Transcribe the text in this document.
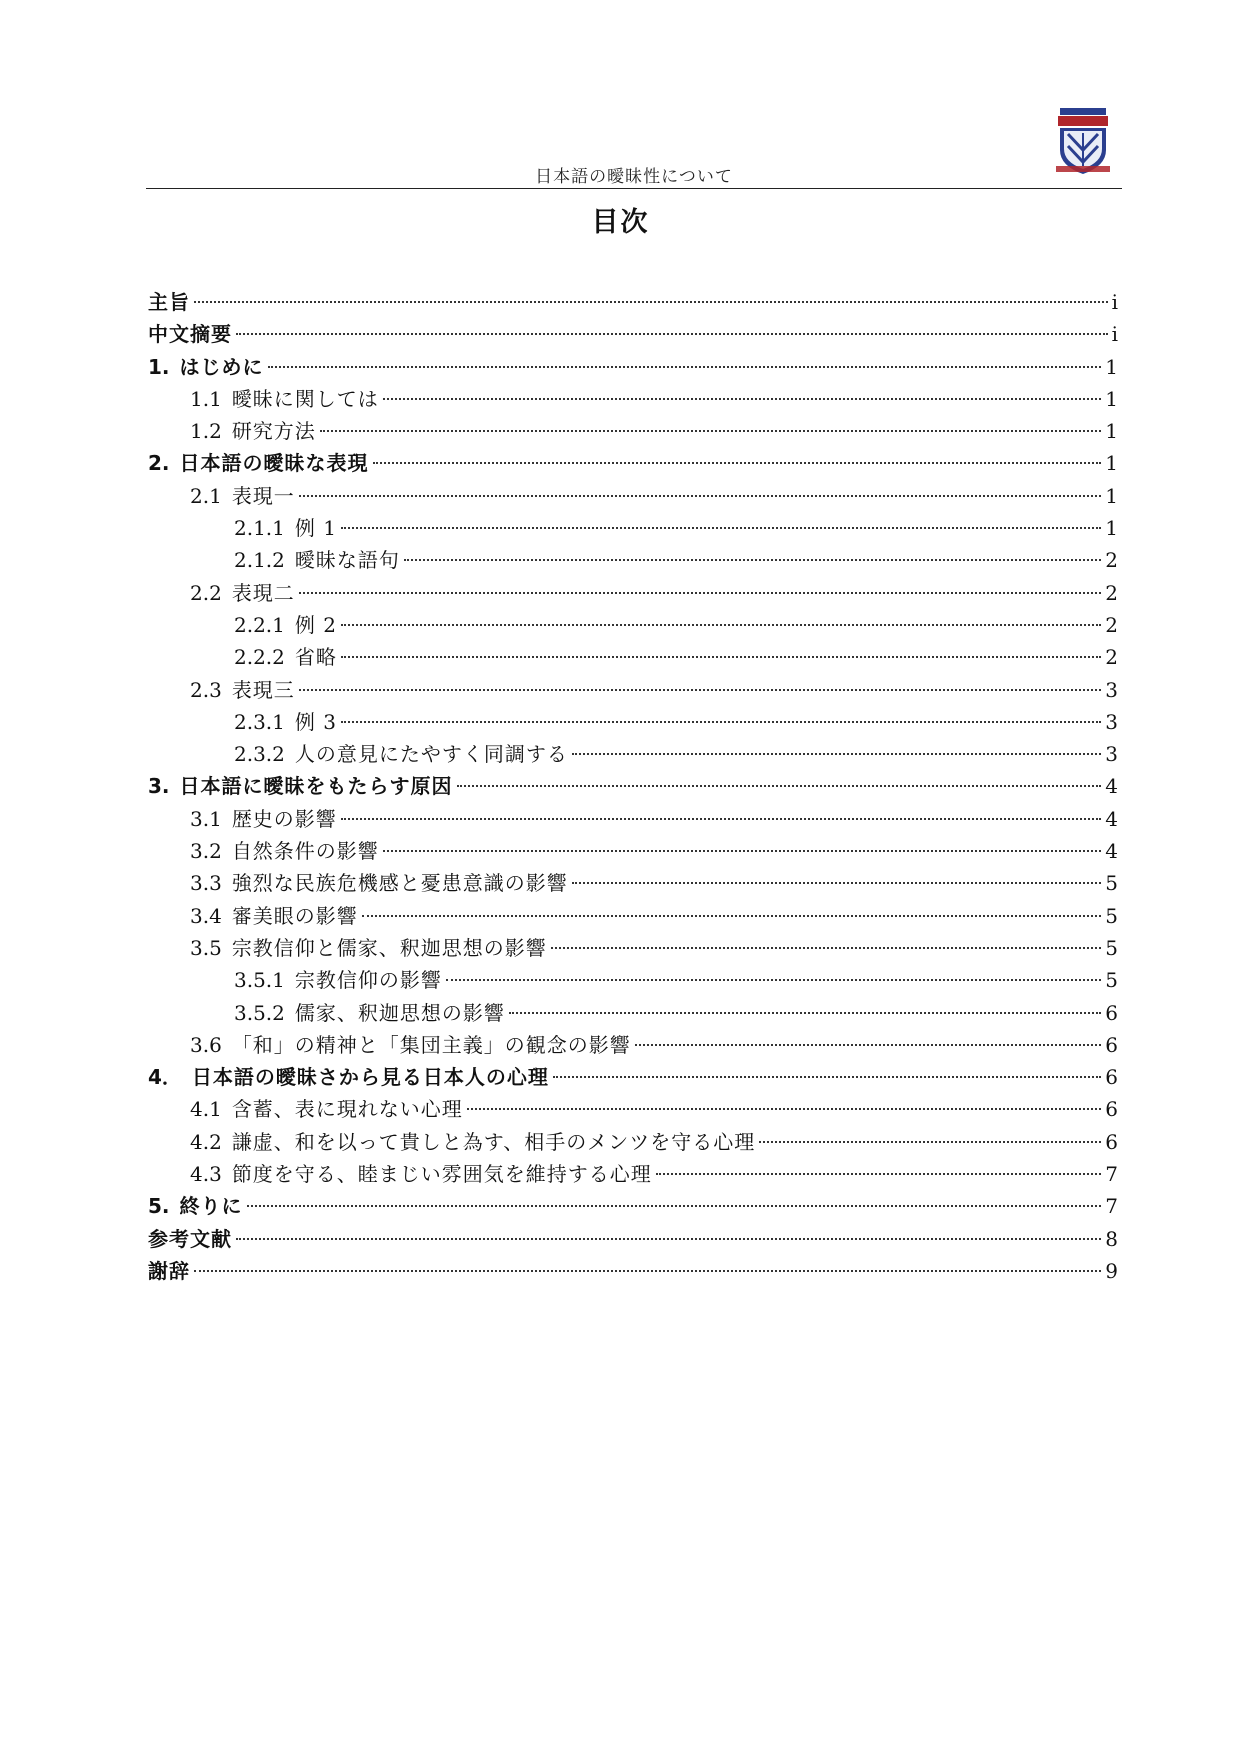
日本語の曖昧性について
目次
主旨	i
中文摘要	i
1. はじめに	1
1.1 曖昧に関しては	1
1.2 研究方法	1
2. 日本語の曖昧な表現	1
2.1 表現一	1
2.1.1 例 1	1
2.1.2 曖昧な語句	2
2.2 表現二	2
2.2.1 例 2	2
2.2.2 省略	2
2.3 表現三	3
2.3.1 例 3	3
2.3.2 人の意見にたやすく同調する	3
3. 日本語に曖昧をもたらす原因	4
3.1 歴史の影響	4
3.2 自然条件の影響	4
3.3 強烈な民族危機感と憂患意識の影響	5
3.4 審美眼の影響	5
3.5 宗教信仰と儒家、釈迦思想の影響	5
3.5.1 宗教信仰の影響	5
3.5.2 儒家、釈迦思想の影響	6
3.6 「和」の精神と「集団主義」の観念の影響	6
4． 日本語の曖昧さから見る日本人の心理	6
4.1 含蓄、表に現れない心理	6
4.2 謙虚、和を以って貴しと為す、相手のメンツを守る心理	6
4.3 節度を守る、睦まじい雰囲気を維持する心理	7
5. 終りに	7
参考文献	8
謝辞	9
